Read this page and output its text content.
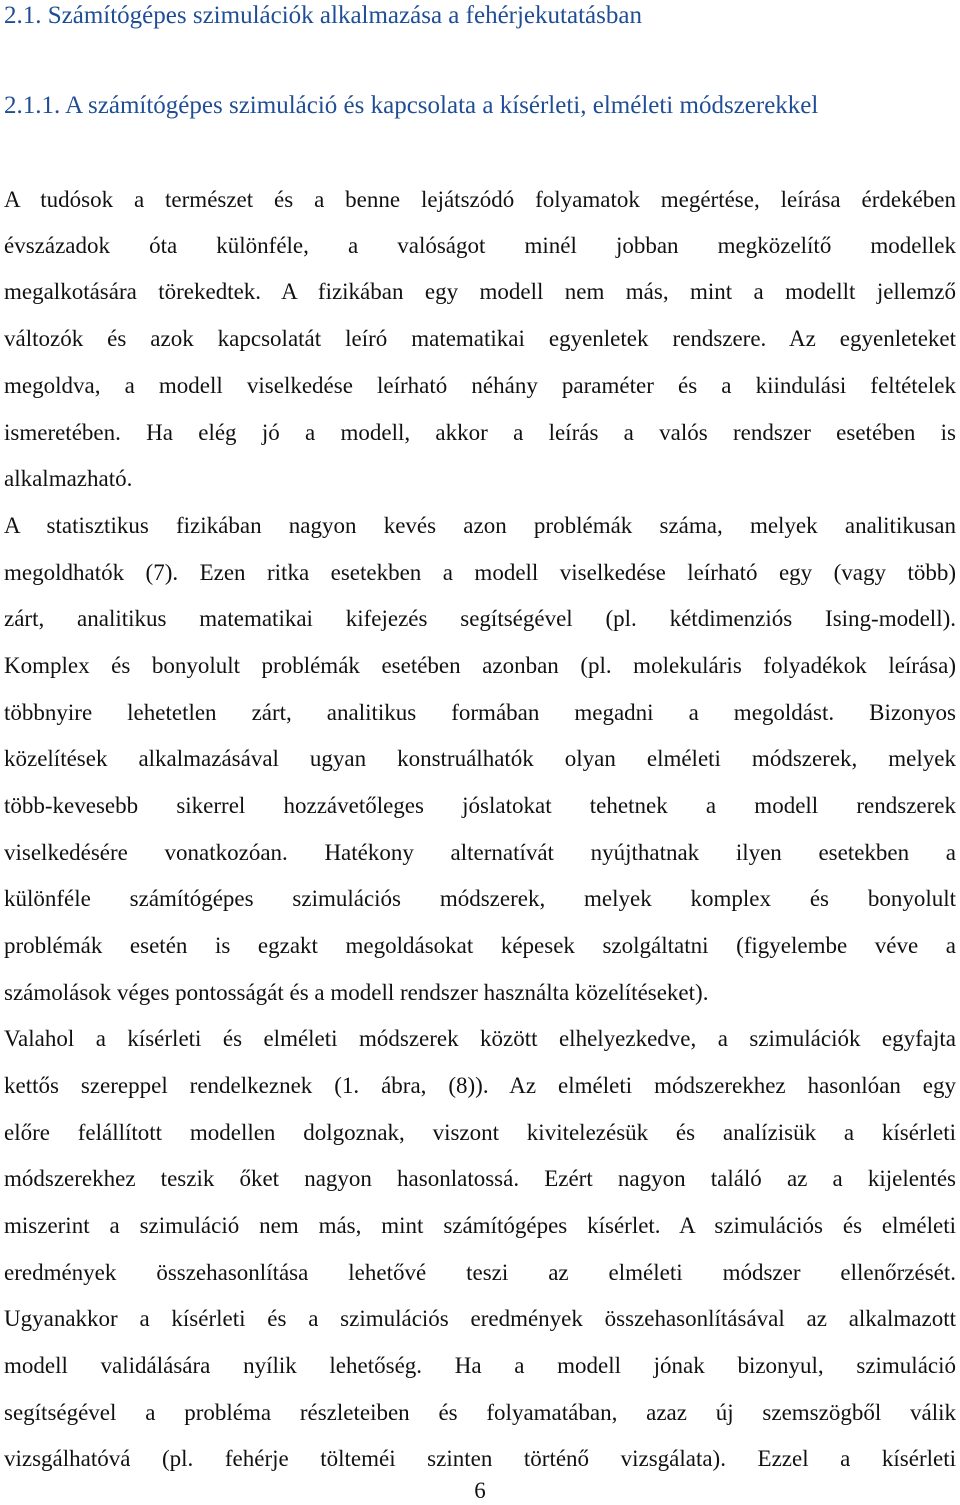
2.1. Számítógépes szimulációk alkalmazása a fehérjekutatásban
2.1.1. A számítógépes szimuláció és kapcsolata a kísérleti, elméleti módszerekkel
A tudósok a természet és a benne lejátszódó folyamatok megértése, leírása érdekében
évszázadok óta különféle, a valóságot minél jobban megközelítő modellek
megalkotására törekedtek. A fizikában egy modell nem más, mint a modellt jellemző
változók és azok kapcsolatát leíró matematikai egyenletek rendszere. Az egyenleteket
megoldva, a modell viselkedése leírható néhány paraméter és a kiindulási feltételek
ismeretében. Ha elég jó a modell, akkor a leírás a valós rendszer esetében is
alkalmazható.
A statisztikus fizikában nagyon kevés azon problémák száma, melyek analitikusan
megoldhatók (7). Ezen ritka esetekben a modell viselkedése leírható egy (vagy több)
zárt, analitikus matematikai kifejezés segítségével (pl. kétdimenziós Ising-modell).
Komplex és bonyolult problémák esetében azonban (pl. molekuláris folyadékok leírása)
többnyire lehetetlen zárt, analitikus formában megadni a megoldást. Bizonyos
közelítések alkalmazásával ugyan konstruálhatók olyan elméleti módszerek, melyek
több-kevesebb sikerrel hozzávetőleges jóslatokat tehetnek a modell rendszerek
viselkedésére vonatkozóan. Hatékony alternatívát nyújthatnak ilyen esetekben a
különféle számítógépes szimulációs módszerek, melyek komplex és bonyolult
problémák esetén is egzakt megoldásokat képesek szolgáltatni (figyelembe véve a
számolások véges pontosságát és a modell rendszer használta közelítéseket).
Valahol a kísérleti és elméleti módszerek között elhelyezkedve, a szimulációk egyfajta
kettős szereppel rendelkeznek (1. ábra, (8)). Az elméleti módszerekhez hasonlóan egy
előre felállított modellen dolgoznak, viszont kivitelezésük és analízisük a kísérleti
módszerekhez teszik őket nagyon hasonlatossá. Ezért nagyon találó az a kijelentés
miszerint a szimuláció nem más, mint számítógépes kísérlet. A szimulációs és elméleti
eredmények összehasonlítása lehetővé teszi az elméleti módszer ellenőrzését.
Ugyanakkor a kísérleti és a szimulációs eredmények összehasonlításával az alkalmazott
modell validálására nyílik lehetőség. Ha a modell jónak bizonyul, szimuláció
segítségével a probléma részleteiben és folyamatában, azaz új szemszögből válik
vizsgálhatóvá (pl. fehérje tölteméi szinten történő vizsgálata). Ezzel a kísérleti
6
